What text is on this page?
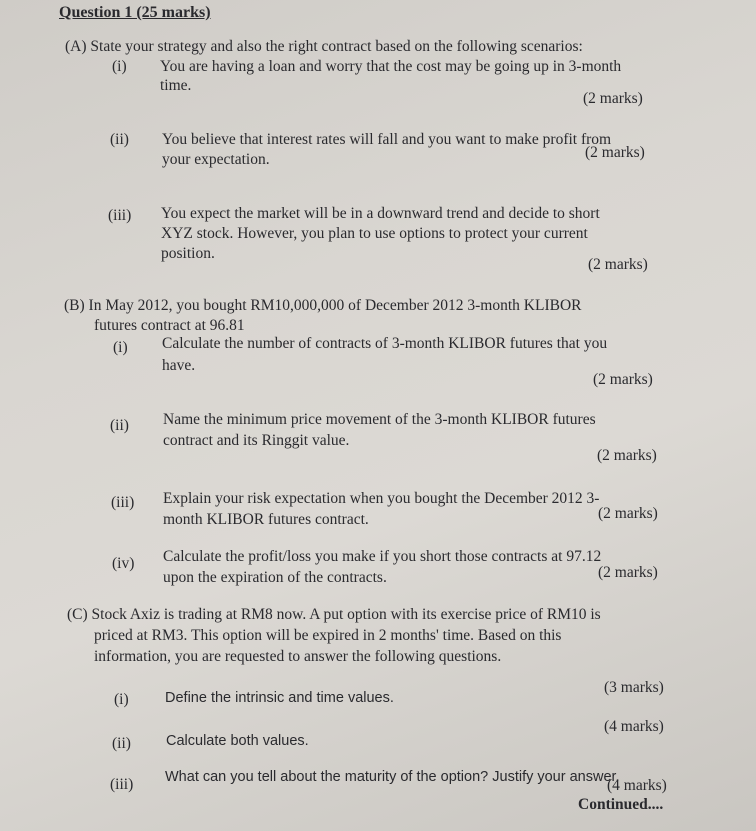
Question 1 (25 marks)
(A) State your strategy and also the right contract based on the following scenarios:
(i) You are having a loan and worry that the cost may be going up in 3-month
time.
(2 marks)
(ii) You believe that interest rates will fall and you want to make profit from
your expectation.	(2 marks)
(iii) You expect the market will be in a downward trend and decide to short
XYZ stock. However, you plan to use options to protect your current
position.
(2 marks)
(B) In May 2012, you bought RM10,000,000 of December 2012 3-month KLIBOR
futures contract at 96.81
(i) Calculate the number of contracts of 3-month KLIBOR futures that you
have.
(2 marks)
(ii) Name the minimum price movement of the 3-month KLIBOR futures
contract and its Ringgit value.
(2 marks)
(iii) Explain your risk expectation when you bought the December 2012 3-
month KLIBOR futures contract.	(2 marks)
(iv) Calculate the profit/loss you make if you short those contracts at 97.12
upon the expiration of the contracts.	(2 marks)
(C) Stock Axiz is trading at RM8 now. A put option with its exercise price of RM10 is
priced at RM3. This option will be expired in 2 months' time. Based on this
information, you are requested to answer the following questions.
(i)	Define the intrinsic and time values.
(3 marks)
(ii) Calculate both values.
(4 marks)
(iii) What can you tell about the maturity of the option? Justify your answer.
(4 marks)
Continued....
